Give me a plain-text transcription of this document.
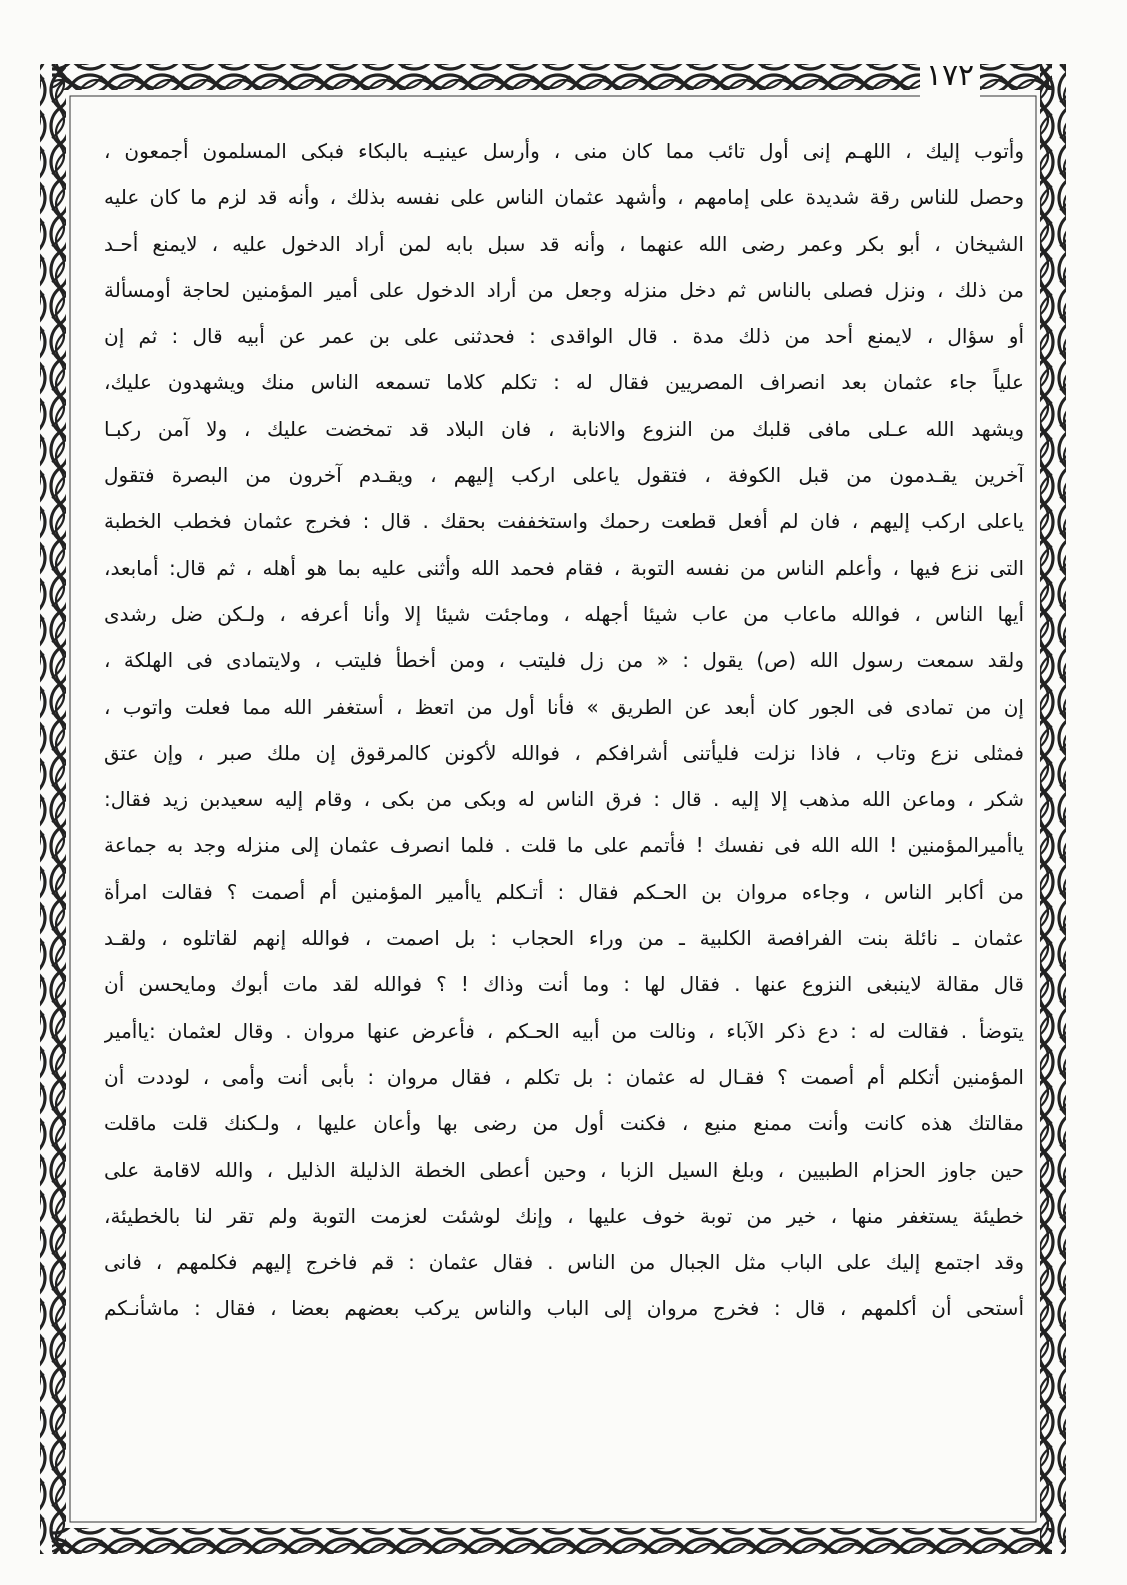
١٧٢
وأتوب إليك ، اللهـم إنى أول تائب مما كان منى ، وأرسل عينيـه بالبكاء فبكى المسلمون أجمعون ،
وحصل للناس رقة شديدة على إمامهم ، وأشهد عثمان الناس على نفسه بذلك ، وأنه قد لزم ما كان عليه
الشيخان ، أبو بكر وعمر رضى الله عنهما ، وأنه قد سبل بابه لمن أراد الدخول عليه ، لايمنع أحـد
من ذلك ، ونزل فصلى بالناس ثم دخل منزله وجعل من أراد الدخول على أمير المؤمنين لحاجة أومسألة
أو سؤال ، لايمنع أحد من ذلك مدة . قال الواقدى : فحدثنى على بن عمر عن أبيه قال : ثم إن
علياً جاء عثمان بعد انصراف المصريين فقال له : تكلم كلاما تسمعه الناس منك ويشهدون عليك،
ويشهد الله عـلى مافى قلبك من النزوع والانابة ، فان البلاد قد تمخضت عليك ، ولا آمن ركبـا
آخرين يقـدمون من قبل الكوفة ، فتقول ياعلى اركب إليهم ، ويقـدم آخرون من البصرة فتقول
ياعلى اركب إليهم ، فان لم أفعل قطعت رحمك واستخففت بحقك . قال : فخرج عثمان فخطب الخطبة
التى نزع فيها ، وأعلم الناس من نفسه التوبة ، فقام فحمد الله وأثنى عليه بما هو أهله ، ثم قال: أمابعد،
أيها الناس ، فوالله ماعاب من عاب شيئا أجهله ، وماجئت شيئا إلا وأنا أعرفه ، ولـكن ضل رشدى
ولقد سمعت رسول الله (ص) يقول : « من زل فليتب ، ومن أخطأ فليتب ، ولايتمادى فى الهلكة ،
إن من تمادى فى الجور كان أبعد عن الطريق » فأنا أول من اتعظ ، أستغفر الله مما فعلت واتوب ،
فمثلى نزع وتاب ، فاذا نزلت فليأتنى أشرافكم ، فوالله لأكونن كالمرقوق إن ملك صبر ، وإن عتق
شكر ، وماعن الله مذهب إلا إليه . قال : فرق الناس له وبكى من بكى ، وقام إليه سعيدبن زيد فقال:
ياأميرالمؤمنين ! الله الله فى نفسك ! فأتمم على ما قلت . فلما انصرف عثمان إلى منزله وجد به جماعة
من أكابر الناس ، وجاءه مروان بن الحـكم فقال : أتـكلم ياأمير المؤمنين أم أصمت ؟ فقالت امرأة
عثمان ـ نائلة بنت الفرافصة الكلبية ـ من وراء الحجاب : بل اصمت ، فوالله إنهم لقاتلوه ، ولقـد
قال مقالة لاينبغى النزوع عنها . فقال لها : وما أنت وذاك ! ؟ فوالله لقد مات أبوك ومايحسن أن
يتوضأ . فقالت له : دع ذكر الآباء ، ونالت من أبيه الحـكم ، فأعرض عنها مروان . وقال لعثمان :ياأمير
المؤمنين أتكلم أم أصمت ؟ فقـال له عثمان : بل تكلم ، فقال مروان : بأبى أنت وأمى ، لوددت أن
مقالتك هذه كانت وأنت ممنع منيع ، فكنت أول من رضى بها وأعان عليها ، ولـكنك قلت ماقلت
حين جاوز الحزام الطبيين ، وبلغ السيل الزبا ، وحين أعطى الخطة الذليلة الذليل ، والله لاقامة على
خطيئة يستغفر منها ، خير من توبة خوف عليها ، وإنك لوشئت لعزمت التوبة ولم تقر لنا بالخطيئة،
وقد اجتمع إليك على الباب مثل الجبال من الناس . فقال عثمان : قم فاخرج إليهم فكلمهم ، فانى
أستحى أن أكلمهم ، قال : فخرج مروان إلى الباب والناس يركب بعضهم بعضا ، فقال : ماشأنـكم
